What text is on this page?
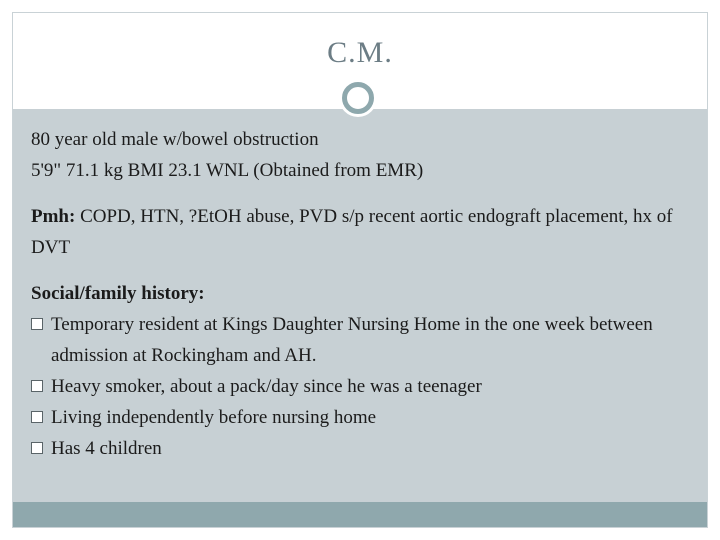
C.M.

80 year old male w/bowel obstruction

5'9" 71.1 kg BMI 23.1 WNL (Obtained from EMR)

Pmh: COPD, HTN, ?EtOH abuse, PVD s/p recent aortic endograft placement, hx of DVT

Social/family history:

Temporary resident at Kings Daughter Nursing Home in the one week between admission at Rockingham and AH.
Heavy smoker, about a pack/day since he was a teenager
Living independently before nursing home
Has 4 children
